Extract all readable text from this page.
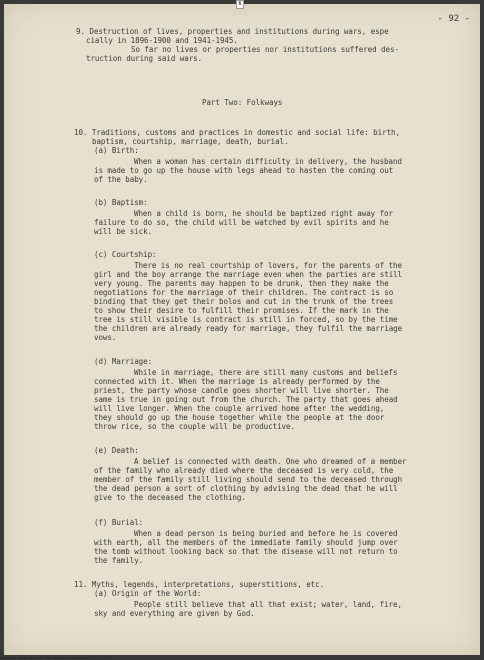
- 92 -
9. Destruction of lives, properties and institutions during wars, espe
cially in 1896-1900 and 1941-1945.
So far no lives or properties nor institutions suffered des-
truction during said wars.
Part Two: Folkways
10. Traditions, customs and practices in domestic and social life: birth,
baptism, courtship, marriage, death, burial.
(a) Birth:
When a woman has certain difficulty in delivery, the husband
is made to go up the house with legs ahead to hasten the coming out
of the baby.
(b) Baptism:
When a child is born, he should be baptized right away for
failure to do so, the child will be watched by evil spirits and he
will be sick.
(c) Courtship:
There is no real courtship of lovers, for the parents of the
girl and the boy arrange the marriage even when the parties are still
very young. The parents may happen to be drunk, then they make the
negotiations for the marriage of their children. The contract is so
binding that they get their bolos and cut in the trunk of the trees
to show their desire to fulfill their promises. If the mark in the
tree is still visible is contract is still in forced, so by the time
the children are already ready for marriage, they fulfil the marriage
vows.
(d) Marriage:
While in marriage, there are still many customs and beliefs
connected with it. When the marriage is already performed by the
priest, the party whose candle goes shorter will live shorter. The
same is true in going out from the church. The party that goes ahead
will live longer. When the couple arrived home after the wedding,
they should go up the house together while the people at the door
throw rice, so the couple will be productive.
(e) Death:
A belief is connected with death. One who dreamed of a member
of the family who already died where the deceased is very cold, the
member of the family still living should send to the deceased through
the dead person a sort of clothing by advising the dead that he will
give to the deceased the clothing.
(f) Burial:
When a dead person is being buried and before he is covered
with earth, all the members of the immediate family should jump over
the tomb without looking back so that the disease will not return to
the family.
11. Myths, legends, interpretations, superstitions, etc.
(a) Origin of the World:
People still believe that all that exist; water, land, fire,
sky and everything are given by God.
6
Historical Data Papers of the Philippines Batangas OCR/CSV/TXT
